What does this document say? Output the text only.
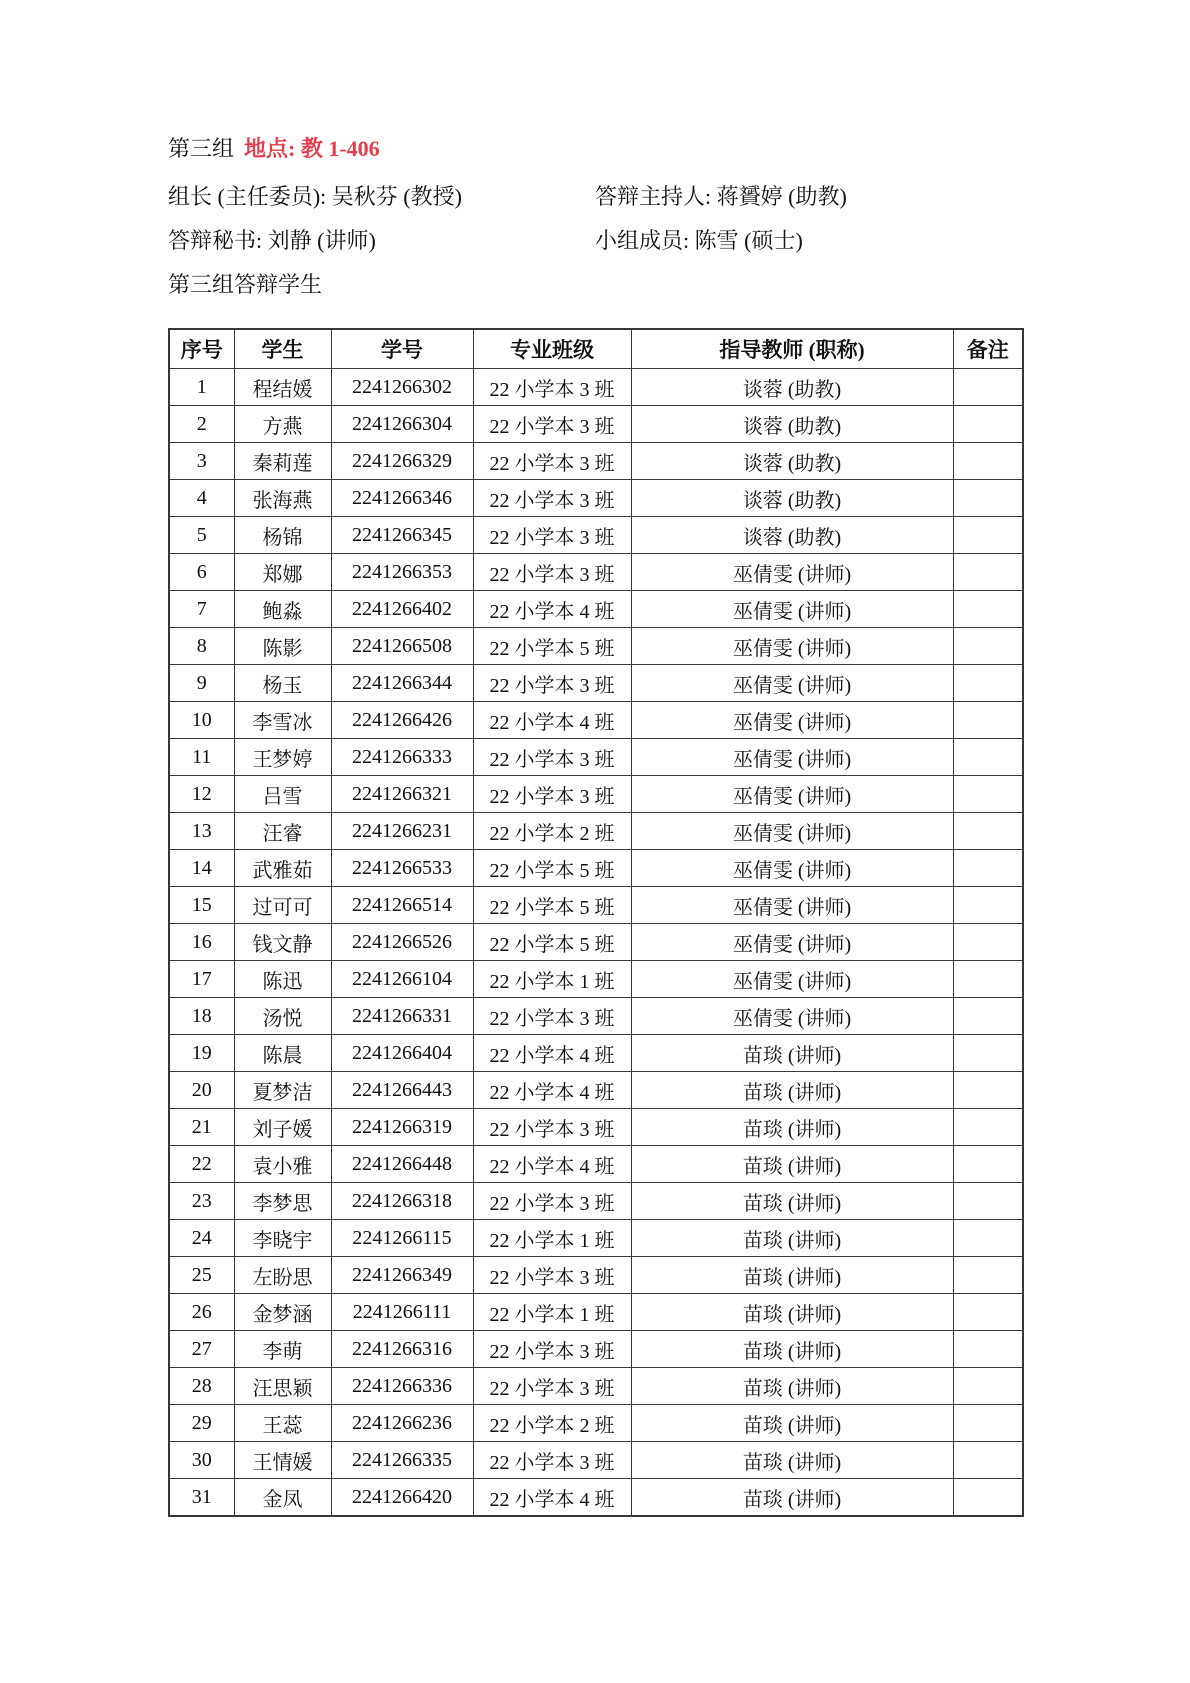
第三组 地点: 教 1-406
组长 (主任委员): 吴秋芬 (教授)	答辩主持人: 蒋贇婷 (助教)
答辩秘书: 刘静 (讲师)	小组成员: 陈雪 (硕士)
第三组答辩学生
序号	学生	学号	专业班级	指导教师 (职称)	备注
1	程结媛	2241266302	22 小学本 3 班	谈蓉 (助教)	
2	方燕	2241266304	22 小学本 3 班	谈蓉 (助教)	
3	秦莉莲	2241266329	22 小学本 3 班	谈蓉 (助教)	
4	张海燕	2241266346	22 小学本 3 班	谈蓉 (助教)	
5	杨锦	2241266345	22 小学本 3 班	谈蓉 (助教)	
6	郑娜	2241266353	22 小学本 3 班	巫倩雯 (讲师)	
7	鲍淼	2241266402	22 小学本 4 班	巫倩雯 (讲师)	
8	陈影	2241266508	22 小学本 5 班	巫倩雯 (讲师)	
9	杨玉	2241266344	22 小学本 3 班	巫倩雯 (讲师)	
10	李雪冰	2241266426	22 小学本 4 班	巫倩雯 (讲师)	
11	王梦婷	2241266333	22 小学本 3 班	巫倩雯 (讲师)	
12	吕雪	2241266321	22 小学本 3 班	巫倩雯 (讲师)	
13	汪睿	2241266231	22 小学本 2 班	巫倩雯 (讲师)	
14	武雅茹	2241266533	22 小学本 5 班	巫倩雯 (讲师)	
15	过可可	2241266514	22 小学本 5 班	巫倩雯 (讲师)	
16	钱文静	2241266526	22 小学本 5 班	巫倩雯 (讲师)	
17	陈迅	2241266104	22 小学本 1 班	巫倩雯 (讲师)	
18	汤悦	2241266331	22 小学本 3 班	巫倩雯 (讲师)	
19	陈晨	2241266404	22 小学本 4 班	苗琰 (讲师)	
20	夏梦洁	2241266443	22 小学本 4 班	苗琰 (讲师)	
21	刘子媛	2241266319	22 小学本 3 班	苗琰 (讲师)	
22	袁小雅	2241266448	22 小学本 4 班	苗琰 (讲师)	
23	李梦思	2241266318	22 小学本 3 班	苗琰 (讲师)	
24	李晓宇	2241266115	22 小学本 1 班	苗琰 (讲师)	
25	左盼思	2241266349	22 小学本 3 班	苗琰 (讲师)	
26	金梦涵	2241266111	22 小学本 1 班	苗琰 (讲师)	
27	李萌	2241266316	22 小学本 3 班	苗琰 (讲师)	
28	汪思颖	2241266336	22 小学本 3 班	苗琰 (讲师)	
29	王蕊	2241266236	22 小学本 2 班	苗琰 (讲师)	
30	王情媛	2241266335	22 小学本 3 班	苗琰 (讲师)	
31	金凤	2241266420	22 小学本 4 班	苗琰 (讲师)	
